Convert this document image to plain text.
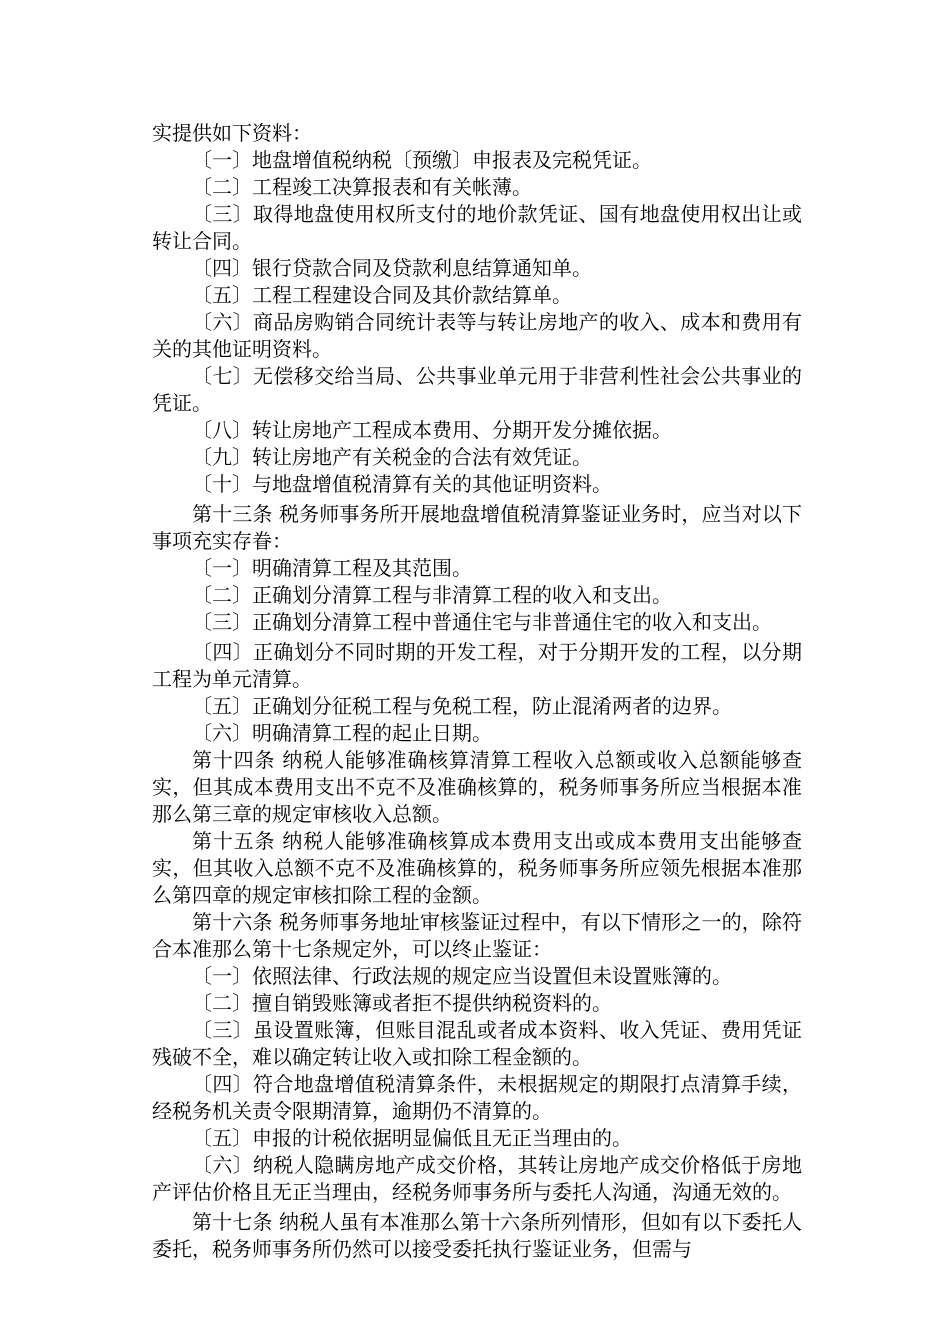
实提供如下资料：

〔一〕地盘增值税纳税〔预缴〕申报表及完税凭证。

〔二〕工程竣工决算报表和有关帐薄。

〔三〕取得地盘使用权所支付的地价款凭证、国有地盘使用权出让或转让合同。

〔四〕银行贷款合同及贷款利息结算通知单。

〔五〕工程工程建设合同及其价款结算单。

〔六〕商品房购销合同统计表等与转让房地产的收入、成本和费用有关的其他证明资料。

〔七〕无偿移交给当局、公共事业单元用于非营利性社会公共事业的凭证。

〔八〕转让房地产工程成本费用、分期开发分摊依据。

〔九〕转让房地产有关税金的合法有效凭证。

〔十〕与地盘增值税清算有关的其他证明资料。

第十三条 税务师事务所开展地盘增值税清算鉴证业务时，应当对以下事项充实存眷：

〔一〕明确清算工程及其范围。

〔二〕正确划分清算工程与非清算工程的收入和支出。

〔三〕正确划分清算工程中普通住宅与非普通住宅的收入和支出。

〔四〕正确划分不同时期的开发工程，对于分期开发的工程，以分期工程为单元清算。

〔五〕正确划分征税工程与免税工程，防止混淆两者的边界。

〔六〕明确清算工程的起止日期。

第十四条 纳税人能够准确核算清算工程收入总额或收入总额能够查实，但其成本费用支出不克不及准确核算的，税务师事务所应当根据本准那么第三章的规定审核收入总额。

第十五条 纳税人能够准确核算成本费用支出或成本费用支出能够查实，但其收入总额不克不及准确核算的，税务师事务所应领先根据本准那么第四章的规定审核扣除工程的金额。

第十六条 税务师事务地址审核鉴证过程中，有以下情形之一的，除符合本准那么第十七条规定外，可以终止鉴证：

〔一〕依照法律、行政法规的规定应当设置但未设置账簿的。

〔二〕擅自销毁账簿或者拒不提供纳税资料的。

〔三〕虽设置账簿，但账目混乱或者成本资料、收入凭证、费用凭证残破不全，难以确定转让收入或扣除工程金额的。

〔四〕符合地盘增值税清算条件，未根据规定的期限打点清算手续，经税务机关责令限期清算，逾期仍不清算的。

〔五〕申报的计税依据明显偏低且无正当理由的。

〔六〕纳税人隐瞒房地产成交价格，其转让房地产成交价格低于房地产评估价格且无正当理由，经税务师事务所与委托人沟通，沟通无效的。

第十七条 纳税人虽有本准那么第十六条所列情形，但如有以下委托人委托，税务师事务所仍然可以接受委托执行鉴证业务，但需与
